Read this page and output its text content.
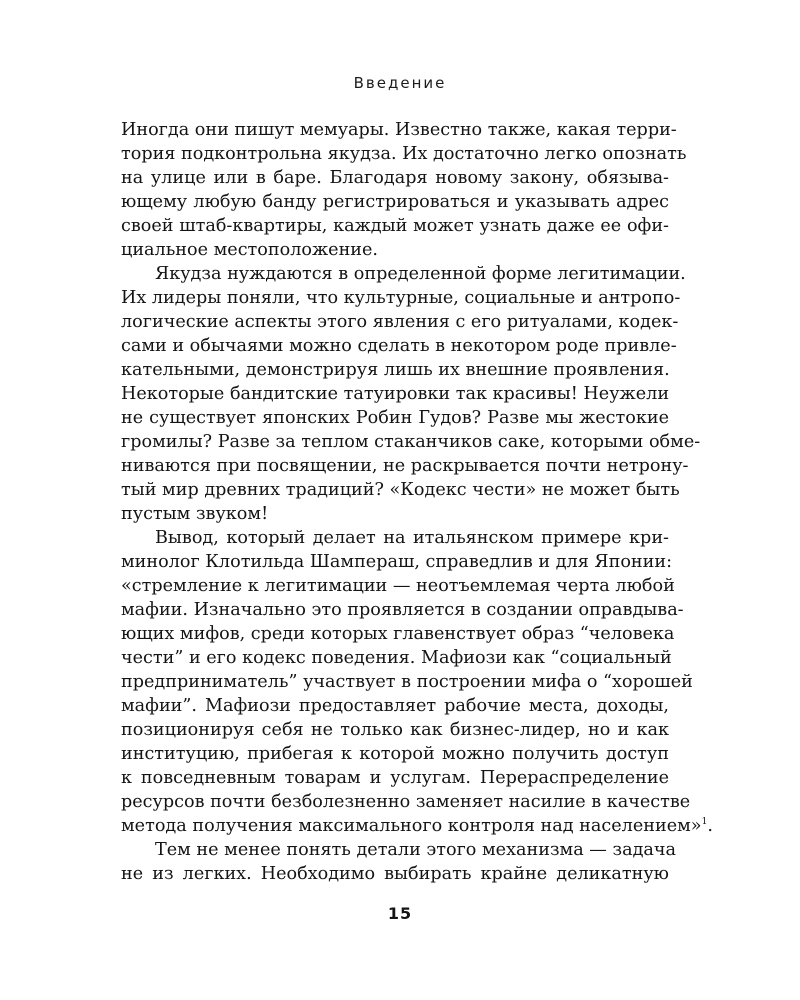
Введение
Иногда они пишут мемуары. Известно также, какая терри-
тория подконтрольна якудза. Их достаточно легко опознать
на улице или в баре. Благодаря новому закону, обязыва-
ющему любую банду регистрироваться и указывать адрес
своей штаб-квартиры, каждый может узнать даже ее офи-
циальное местоположение.
Якудза нуждаются в определенной форме легитимации.
Их лидеры поняли, что культурные, социальные и антропо-
логические аспекты этого явления с его ритуалами, кодек-
сами и обычаями можно сделать в некотором роде привле-
кательными, демонстрируя лишь их внешние проявления.
Некоторые бандитские татуировки так красивы! Неужели
не существует японских Робин Гудов? Разве мы жестокие
громилы? Разве за теплом стаканчиков саке, которыми обме-
ниваются при посвящении, не раскрывается почти нетрону-
тый мир древних традиций? «Кодекс чести» не может быть
пустым звуком!
Вывод, который делает на итальянском примере кри-
минолог Клотильда Шампераш, справедлив и для Японии:
«стремление к легитимации — неотъемлемая черта любой
мафии. Изначально это проявляется в создании оправдыва-
ющих мифов, среди которых главенствует образ “человека
чести” и его кодекс поведения. Мафиози как “социальный
предприниматель” участвует в построении мифа о “хорошей
мафии”. Мафиози предоставляет рабочие места, доходы,
позиционируя себя не только как бизнес-лидер, но и как
институцию, прибегая к которой можно получить доступ
к повседневным товарам и услугам. Перераспределение
ресурсов почти безболезненно заменяет насилие в качестве
метода получения максимального контроля над населением»$^1$.
Тем не менее понять детали этого механизма — задача
не из легких. Необходимо выбирать крайне деликатную
15
